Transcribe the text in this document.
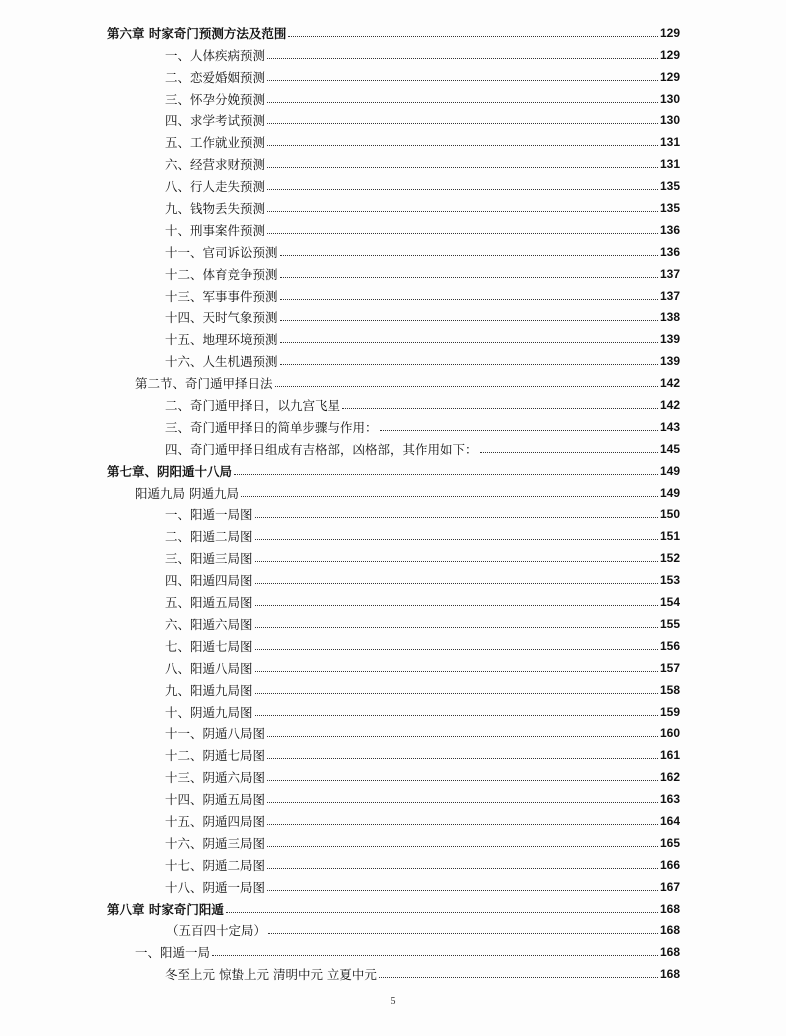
第六章 时家奇门预测方法及范围	129
一、人体疾病预测	129
二、恋爱婚姻预测	129
三、怀孕分娩预测	130
四、求学考试预测	130
五、工作就业预测	131
六、经营求财预测	131
八、行人走失预测	135
九、钱物丢失预测	135
十、刑事案件预测	136
十一、官司诉讼预测	136
十二、体育竞争预测	137
十三、军事事件预测	137
十四、天时气象预测	138
十五、地理环境预测	139
十六、人生机遇预测	139
第二节、奇门遁甲择日法	142
二、奇门遁甲择日，以九宫飞星	142
三、奇门遁甲择日的简单步骤与作用：	143
四、奇门遁甲择日组成有吉格部，凶格部，其作用如下：	145
第七章、阴阳遁十八局	149
阳遁九局 阴遁九局	149
一、阳遁一局图	150
二、阳遁二局图	151
三、阳遁三局图	152
四、阳遁四局图	153
五、阳遁五局图	154
六、阳遁六局图	155
七、阳遁七局图	156
八、阳遁八局图	157
九、阳遁九局图	158
十、阴遁九局图	159
十一、阴遁八局图	160
十二、阴遁七局图	161
十三、阴遁六局图	162
十四、阴遁五局图	163
十五、阴遁四局图	164
十六、阴遁三局图	165
十七、阴遁二局图	166
十八、阴遁一局图	167
第八章 时家奇门阳遁	168
（五百四十定局）	168
一、阳遁一局	168
冬至上元 惊蛰上元 清明中元 立夏中元	168
5
